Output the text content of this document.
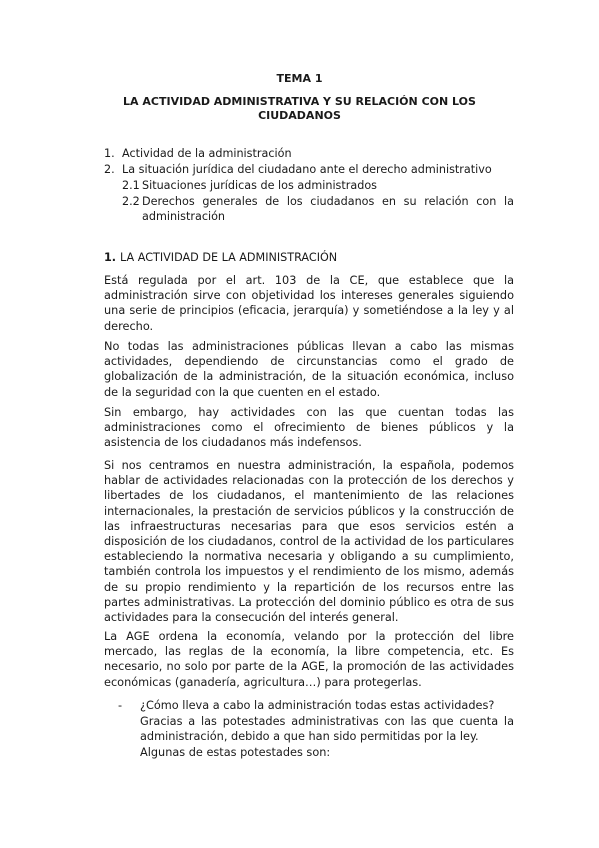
TEMA 1

LA ACTIVIDAD ADMINISTRATIVA Y SU RELACIÓN CON LOS

CIUDADANOS

1. Actividad de la administración
2. La situación jurídica del ciudadano ante el derecho administrativo
2.1 Situaciones jurídicas de los administrados
2.2 Derechos generales de los ciudadanos en su relación con la administración

1. LA ACTIVIDAD DE LA ADMINISTRACIÓN

Está regulada por el art. 103 de la CE, que establece que la administración sirve con objetividad los intereses generales siguiendo una serie de principios (eficacia, jerarquía) y sometiéndose a la ley y al derecho.

No todas las administraciones públicas llevan a cabo las mismas actividades, dependiendo de circunstancias como el grado de globalización de la administración, de la situación económica, incluso de la seguridad con la que cuenten en el estado.

Sin embargo, hay actividades con las que cuentan todas las administraciones como el ofrecimiento de bienes públicos y la asistencia de los ciudadanos más indefensos.

Si nos centramos en nuestra administración, la española, podemos hablar de actividades relacionadas con la protección de los derechos y libertades de los ciudadanos, el mantenimiento de las relaciones internacionales, la prestación de servicios públicos y la construcción de las infraestructuras necesarias para que esos servicios estén a disposición de los ciudadanos, control de la actividad de los particulares estableciendo la normativa necesaria y obligando a su cumplimiento, también controla los impuestos y el rendimiento de los mismo, además de su propio rendimiento y la repartición de los recursos entre las partes administrativas. La protección del dominio público es otra de sus actividades para la consecución del interés general.

La AGE ordena la economía, velando por la protección del libre mercado, las reglas de la economía, la libre competencia, etc. Es necesario, no solo por parte de la AGE, la promoción de las actividades económicas (ganadería, agricultura…) para protegerlas.

-	¿Cómo lleva a cabo la administración todas estas actividades?

Gracias a las potestades administrativas con las que cuenta la administración, debido a que han sido permitidas por la ley.

Algunas de estas potestades son:
